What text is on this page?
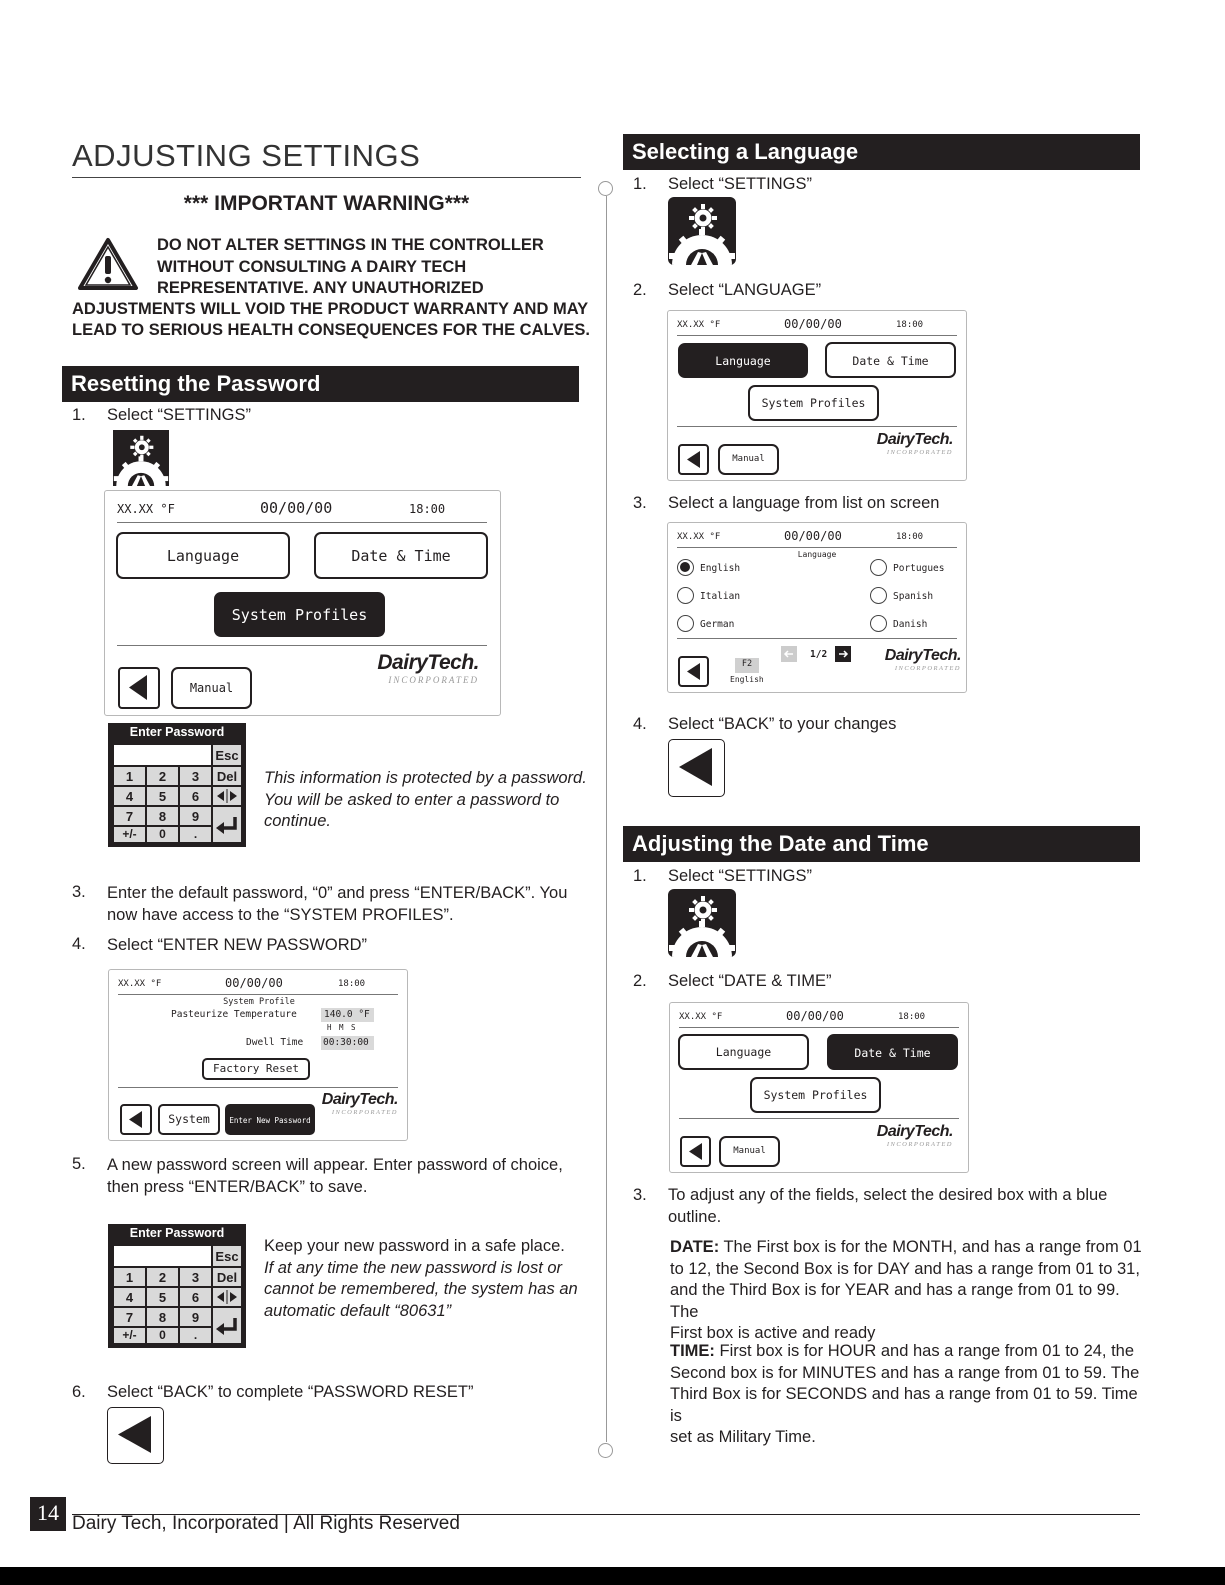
ADJUSTING SETTINGS
*** IMPORTANT WARNING***
DO NOT ALTER SETTINGS IN THE CONTROLLER
WITHOUT CONSULTING A DAIRY TECH
REPRESENTATIVE. ANY UNAUTHORIZED
ADJUSTMENTS WILL VOID THE PRODUCT WARRANTY AND MAY
LEAD TO SERIOUS HEALTH CONSEQUENCES FOR THE CALVES.
Resetting the Password
1. Select “SETTINGS”
XX.XX °F	00/00/00	18:00
Language	Date & Time
System Profiles
Manual
DairyTech.
INCORPORATED
Enter Password
Esc
1	2	3	Del
4	5	6
7	8	9
+/-	0	.
This information is protected by a password.
You will be asked to enter a password to
continue.
3. Enter the default password, “0” and press “ENTER/BACK”. You
now have access to the “SYSTEM PROFILES”.
4. Select “ENTER NEW PASSWORD”
XX.XX °F	00/00/00	18:00
System Profile
Pasteurize Temperature	140.0 °F
H M S
Dwell Time 00:30:00
Factory Reset
System	Enter New Password
DairyTech.
INCORPORATED
5. A new password screen will appear. Enter password of choice,
then press “ENTER/BACK” to save.
Enter Password
Esc
1	2	3	Del
4	5	6
7	8	9
+/-	0	.
Keep your new password in a safe place.
If at any time the new password is lost or
cannot be remembered, the system has an
automatic default “80631”
6. Select “BACK” to complete “PASSWORD RESET”
Selecting a Language
1. Select “SETTINGS”
2. Select “LANGUAGE”
XX.XX °F	00/00/00	18:00
Language	Date & Time
System Profiles
Manual
DairyTech.
INCORPORATED
3. Select a language from list on screen
XX.XX °F	00/00/00	18:00
Language
English
Italian
German
Portugues
Spanish
Danish
1/2
F2
English
DairyTech.
INCORPORATED
4. Select “BACK” to your changes
Adjusting the Date and Time
1. Select “SETTINGS”
2. Select “DATE & TIME”
XX.XX °F	00/00/00	18:00
Language	Date & Time
System Profiles
Manual
DairyTech.
INCORPORATED
3. To adjust any of the fields, select the desired box with a blue
outline.
DATE: The First box is for the MONTH, and has a range from 01
to 12, the Second Box is for DAY and has a range from 01 to 31,
and the Third Box is for YEAR and has a range from 01 to 99. The
First box is active and ready
TIME: First box is for HOUR and has a range from 01 to 24, the
Second box is for MINUTES and has a range from 01 to 59. The
Third Box is for SECONDS and has a range from 01 to 59. Time is
set as Military Time.
14 Dairy Tech, Incorporated | All Rights Reserved
